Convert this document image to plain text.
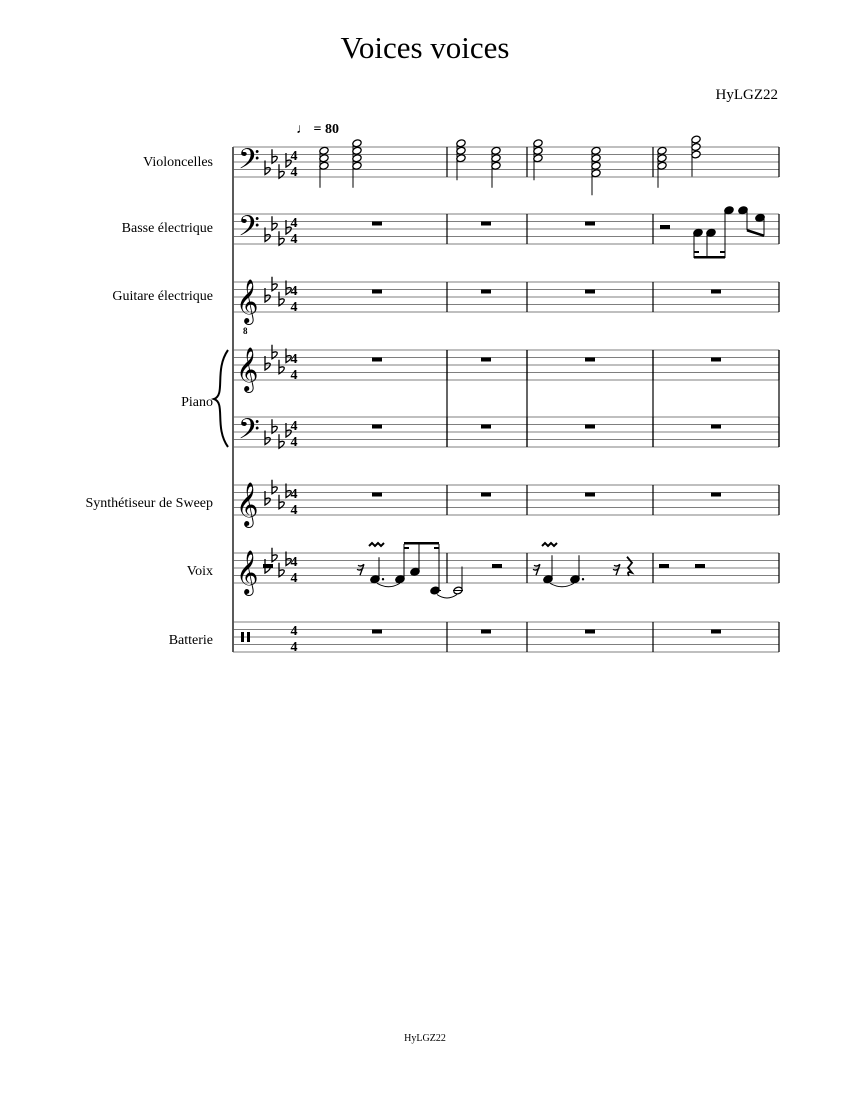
Voices voices
HyLGZ22
♩ = 80
Violoncelles
Basse électrique
Guitare électrique
Piano
Synthétiseur de Sweep
Voix
Batterie
𝄢 4
4
𝄢 4
4
𝄞
8
4
4
𝄞 4
4
𝄢 4
4
𝄞 4
4
𝄞 4
4
4
4
HyLGZ22
